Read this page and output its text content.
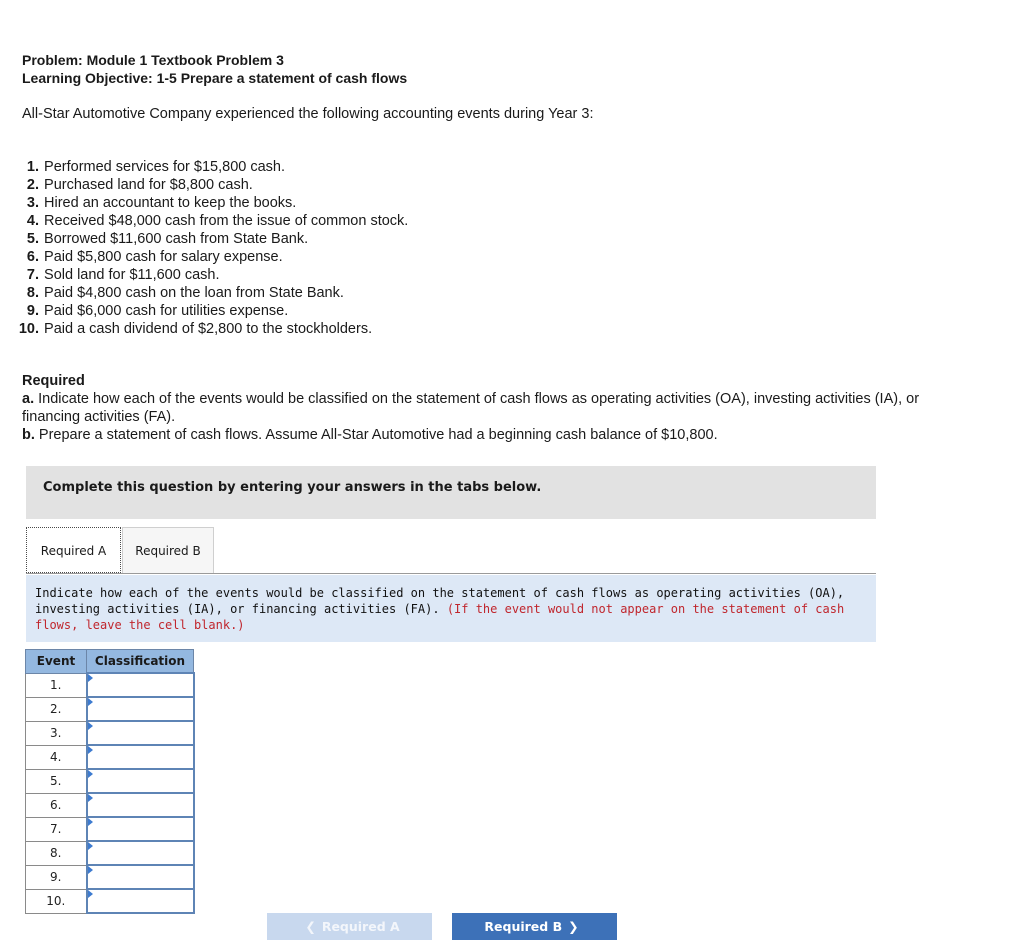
Problem: Module 1 Textbook Problem 3
Learning Objective: 1-5 Prepare a statement of cash flows
All-Star Automotive Company experienced the following accounting events during Year 3:
1. Performed services for $15,800 cash.
2. Purchased land for $8,800 cash.
3. Hired an accountant to keep the books.
4. Received $48,000 cash from the issue of common stock.
5. Borrowed $11,600 cash from State Bank.
6. Paid $5,800 cash for salary expense.
7. Sold land for $11,600 cash.
8. Paid $4,800 cash on the loan from State Bank.
9. Paid $6,000 cash for utilities expense.
10. Paid a cash dividend of $2,800 to the stockholders.
Required
a. Indicate how each of the events would be classified on the statement of cash flows as operating activities (OA), investing activities (IA), or financing activities (FA).
b. Prepare a statement of cash flows. Assume All-Star Automotive had a beginning cash balance of $10,800.
Complete this question by entering your answers in the tabs below.
Required A	Required B
Indicate how each of the events would be classified on the statement of cash flows as operating activities (OA), investing activities (IA), or financing activities (FA). (If the event would not appear on the statement of cash flows, leave the cell blank.)
Event	Classification
1.	
2.	
3.	
4.	
5.	
6.	
7.	
8.	
9.	
10.	
❮ Required A	Required B ❯
